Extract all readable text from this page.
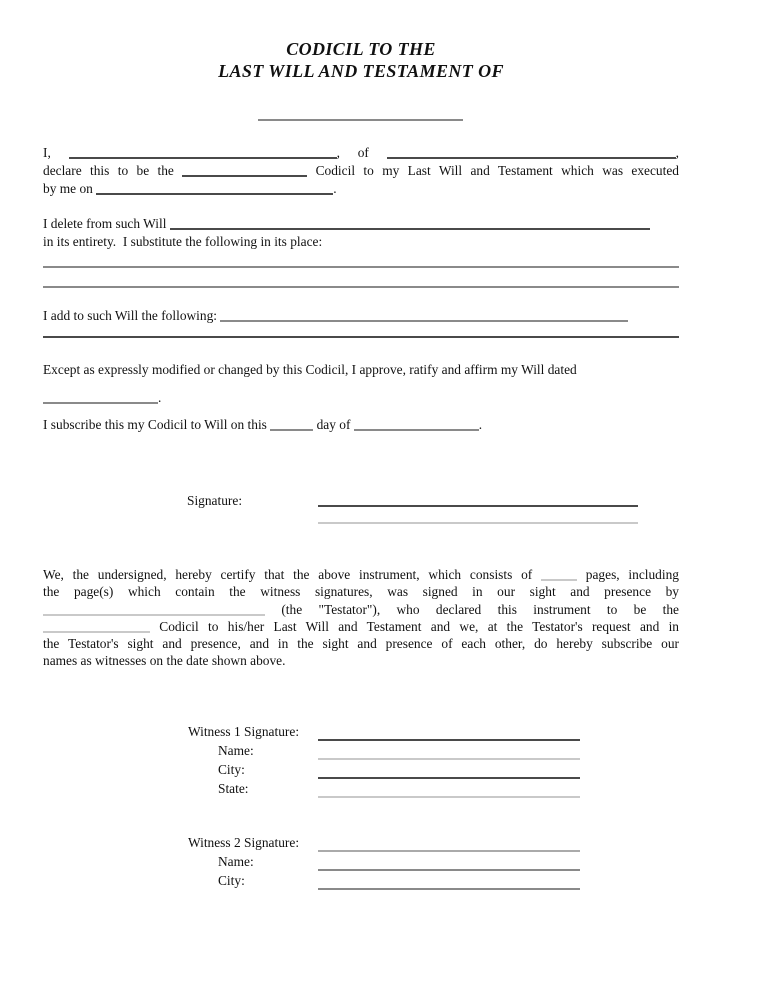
CODICIL TO THE
LAST WILL AND TESTAMENT OF
I,	, of	,
declare this to be the	Codicil to my Last Will and Testament which was executed
by me on	.
I delete from such Will
in its entirety.  I substitute the following in its place:
I add to such Will the following:
Except as expressly modified or changed by this Codicil, I approve, ratify and affirm my Will dated
.
I subscribe this my Codicil to Will on this	day of	.
Signature:
We, the undersigned, hereby certify that the above instrument, which consists of	pages, including
the page(s) which contain the witness signatures, was signed in our sight and presence by
(the "Testator"), who declared this instrument to be the
Codicil to his/her Last Will and Testament and we, at the Testator's request and in
the Testator's sight and presence, and in the sight and presence of each other, do hereby subscribe our
names as witnesses on the date shown above.
Witness 1 Signature:
Name:
City:
State:
Witness 2 Signature:
Name:
City:
